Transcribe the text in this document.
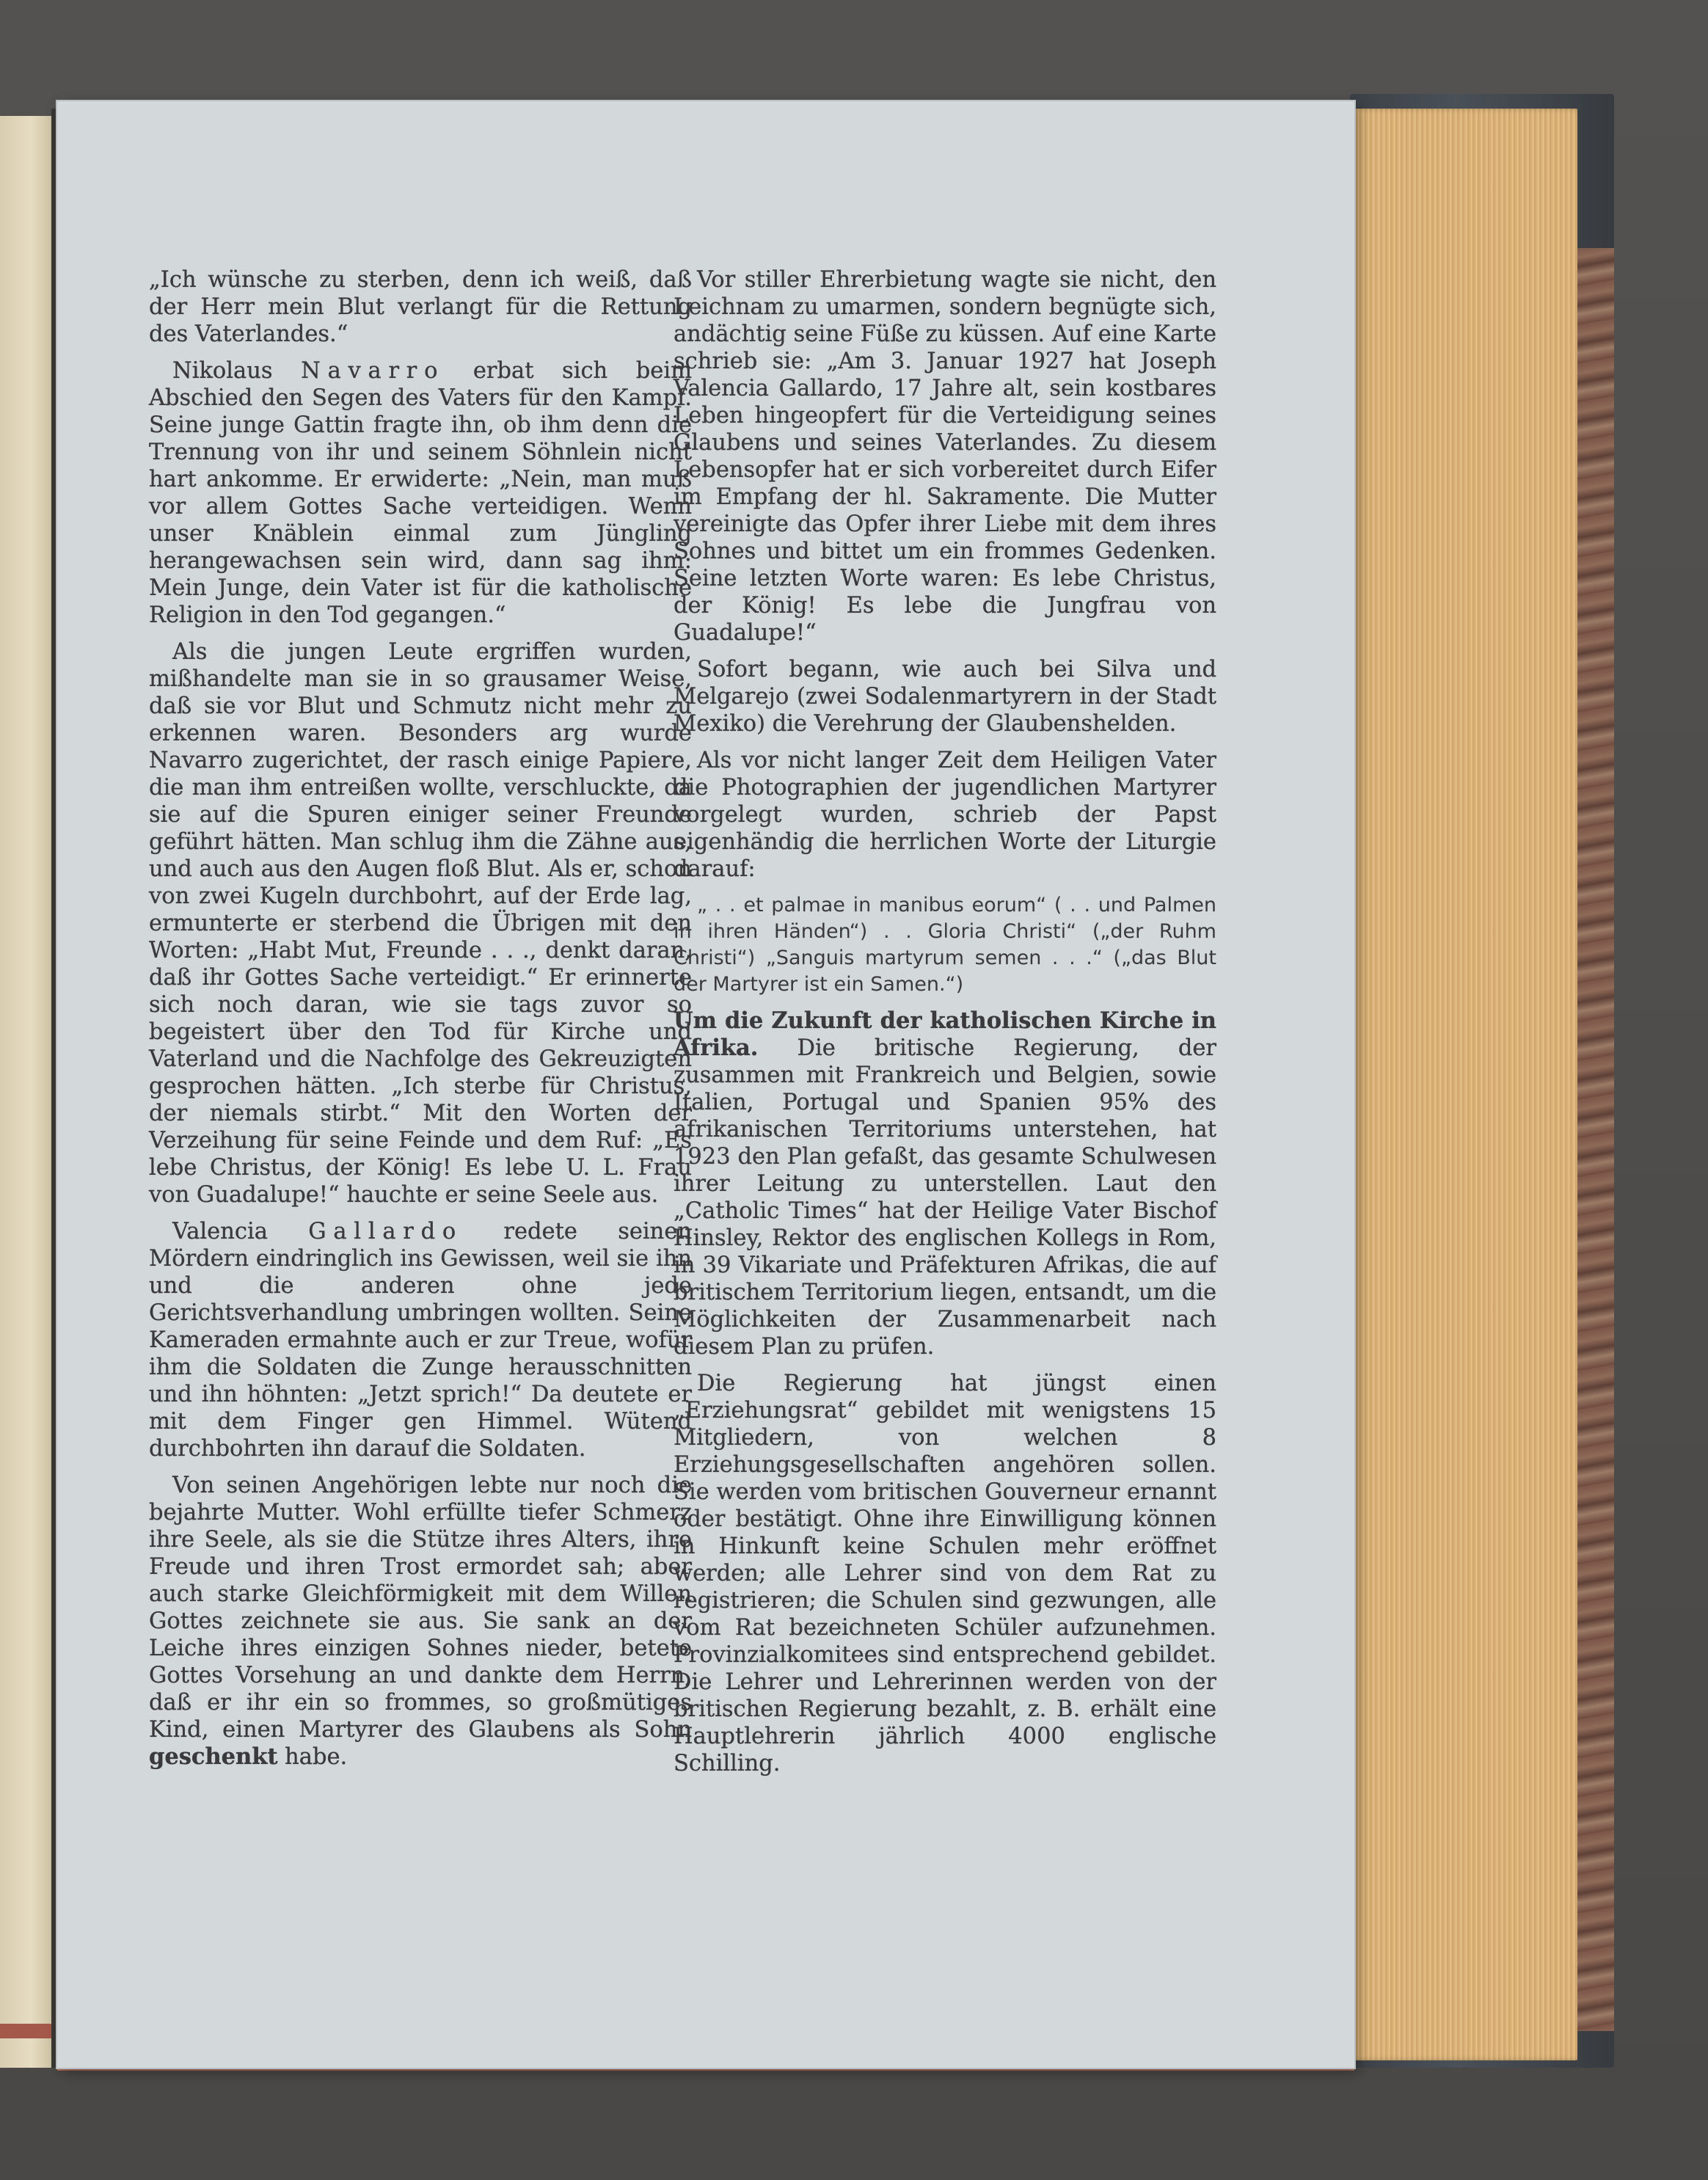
„Ich wünsche zu sterben, denn ich weiß, daß der Herr mein Blut verlangt für die Rettung des Vaterlandes.“

Nikolaus Navarro erbat sich beim Abschied den Segen des Vaters für den Kampf. Seine junge Gattin fragte ihn, ob ihm denn die Trennung von ihr und seinem Söhnlein nicht hart ankomme. Er erwiderte: „Nein, man muß vor allem Gottes Sache verteidigen. Wenn unser Knäblein einmal zum Jüngling herangewachsen sein wird, dann sag ihm: Mein Junge, dein Vater ist für die katholische Religion in den Tod gegangen.“

Als die jungen Leute ergriffen wurden, mißhandelte man sie in so grausamer Weise, daß sie vor Blut und Schmutz nicht mehr zu erkennen waren. Besonders arg wurde Navarro zugerichtet, der rasch einige Papiere, die man ihm entreißen wollte, verschluckte, da sie auf die Spuren einiger seiner Freunde geführt hätten. Man schlug ihm die Zähne aus, und auch aus den Augen floß Blut. Als er, schon von zwei Kugeln durchbohrt, auf der Erde lag, ermunterte er sterbend die Übrigen mit den Worten: „Habt Mut, Freunde . . ., denkt daran, daß ihr Gottes Sache verteidigt.“ Er erinnerte sich noch daran, wie sie tags zuvor so begeistert über den Tod für Kirche und Vaterland und die Nachfolge des Gekreuzigten gesprochen hätten. „Ich sterbe für Christus, der niemals stirbt.“ Mit den Worten der Verzeihung für seine Feinde und dem Ruf: „Es lebe Christus, der König! Es lebe U. L. Frau von Guadalupe!“ hauchte er seine Seele aus.

Valencia Gallardo redete seinen Mördern eindringlich ins Gewissen, weil sie ihn und die anderen ohne jede Gerichtsverhandlung umbringen wollten. Seine Kameraden ermahnte auch er zur Treue, wofür ihm die Soldaten die Zunge herausschnitten und ihn höhnten: „Jetzt sprich!“ Da deutete er mit dem Finger gen Himmel. Wütend durchbohrten ihn darauf die Soldaten.

Von seinen Angehörigen lebte nur noch die bejahrte Mutter. Wohl erfüllte tiefer Schmerz ihre Seele, als sie die Stütze ihres Alters, ihre Freude und ihren Trost ermordet sah; aber auch starke Gleichförmigkeit mit dem Willen Gottes zeichnete sie aus. Sie sank an der Leiche ihres einzigen Sohnes nieder, betete Gottes Vorsehung an und dankte dem Herrn, daß er ihr ein so frommes, so großmütiges Kind, einen Martyrer des Glaubens als Sohn geschenkt habe.

Vor stiller Ehrerbietung wagte sie nicht, den Leichnam zu umarmen, sondern begnügte sich, andächtig seine Füße zu küssen. Auf eine Karte schrieb sie: „Am 3. Januar 1927 hat Joseph Valencia Gallardo, 17 Jahre alt, sein kostbares Leben hingeopfert für die Verteidigung seines Glaubens und seines Vaterlandes. Zu diesem Lebensopfer hat er sich vorbereitet durch Eifer im Empfang der hl. Sakramente. Die Mutter vereinigte das Opfer ihrer Liebe mit dem ihres Sohnes und bittet um ein frommes Gedenken. Seine letzten Worte waren: Es lebe Christus, der König! Es lebe die Jungfrau von Guadalupe!“

Sofort begann, wie auch bei Silva und Melgarejo (zwei Sodalenmartyrern in der Stadt Mexiko) die Verehrung der Glaubenshelden.

Als vor nicht langer Zeit dem Heiligen Vater die Photographien der jugendlichen Martyrer vorgelegt wurden, schrieb der Papst eigenhändig die herrlichen Worte der Liturgie darauf:

„ . . et palmae in manibus eorum“ ( . . und Palmen in ihren Händen“) . . Gloria Christi“ („der Ruhm Christi“) „Sanguis martyrum semen . . .“ („das Blut der Martyrer ist ein Samen.“)

Um die Zukunft der katholischen Kirche in Afrika. Die britische Regierung, der zusammen mit Frankreich und Belgien, sowie Italien, Portugal und Spanien 95% des afrikanischen Territoriums unterstehen, hat 1923 den Plan gefaßt, das gesamte Schulwesen ihrer Leitung zu unterstellen. Laut den „Catholic Times“ hat der Heilige Vater Bischof Hinsley, Rektor des englischen Kollegs in Rom, in 39 Vikariate und Präfekturen Afrikas, die auf britischem Territorium liegen, entsandt, um die Möglichkeiten der Zusammenarbeit nach diesem Plan zu prüfen.

Die Regierung hat jüngst einen „Erziehungsrat“ gebildet mit wenigstens 15 Mitgliedern, von welchen 8 Erziehungsgesellschaften angehören sollen. Sie werden vom britischen Gouverneur ernannt oder bestätigt. Ohne ihre Einwilligung können in Hinkunft keine Schulen mehr eröffnet werden; alle Lehrer sind von dem Rat zu registrieren; die Schulen sind gezwungen, alle vom Rat bezeichneten Schüler aufzunehmen. Provinzialkomitees sind entsprechend gebildet. Die Lehrer und Lehrerinnen werden von der britischen Regierung bezahlt, z. B. erhält eine Hauptlehrerin jährlich 4000 englische Schilling.
